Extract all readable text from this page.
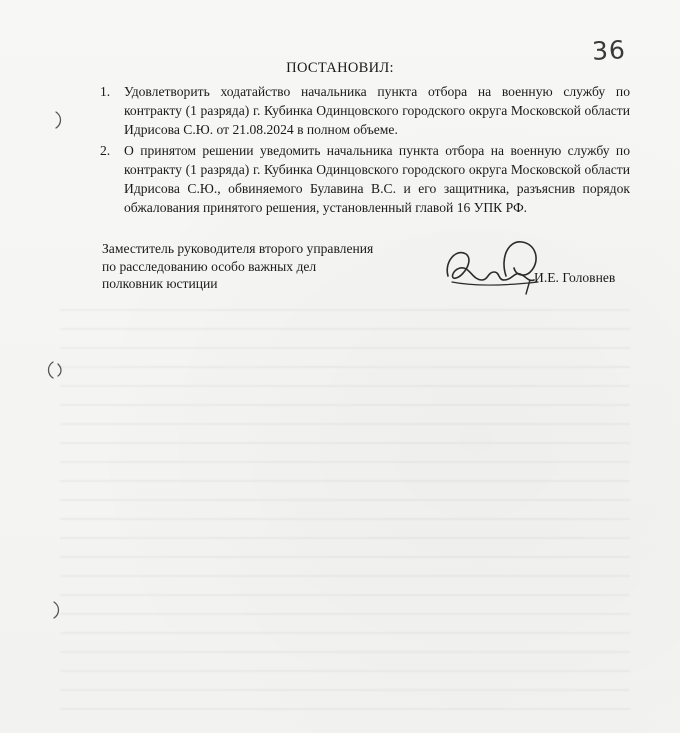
36
ПОСТАНОВИЛ:
1. Удовлетворить ходатайство начальника пункта отбора на военную службу по контракту (1 разряда) г. Кубинка Одинцовского городского округа Московской области Идрисова С.Ю. от 21.08.2024 в полном объеме.
2. О принятом решении уведомить начальника пункта отбора на военную службу по контракту (1 разряда) г. Кубинка Одинцовского городского округа Московской области Идрисова С.Ю., обвиняемого Булавина В.С. и его защитника, разъяснив порядок обжалования принятого решения, установленный главой 16 УПК РФ.
Заместитель руководителя второго управления
по расследованию особо важных дел
полковник юстиции	И.Е. Головнев
